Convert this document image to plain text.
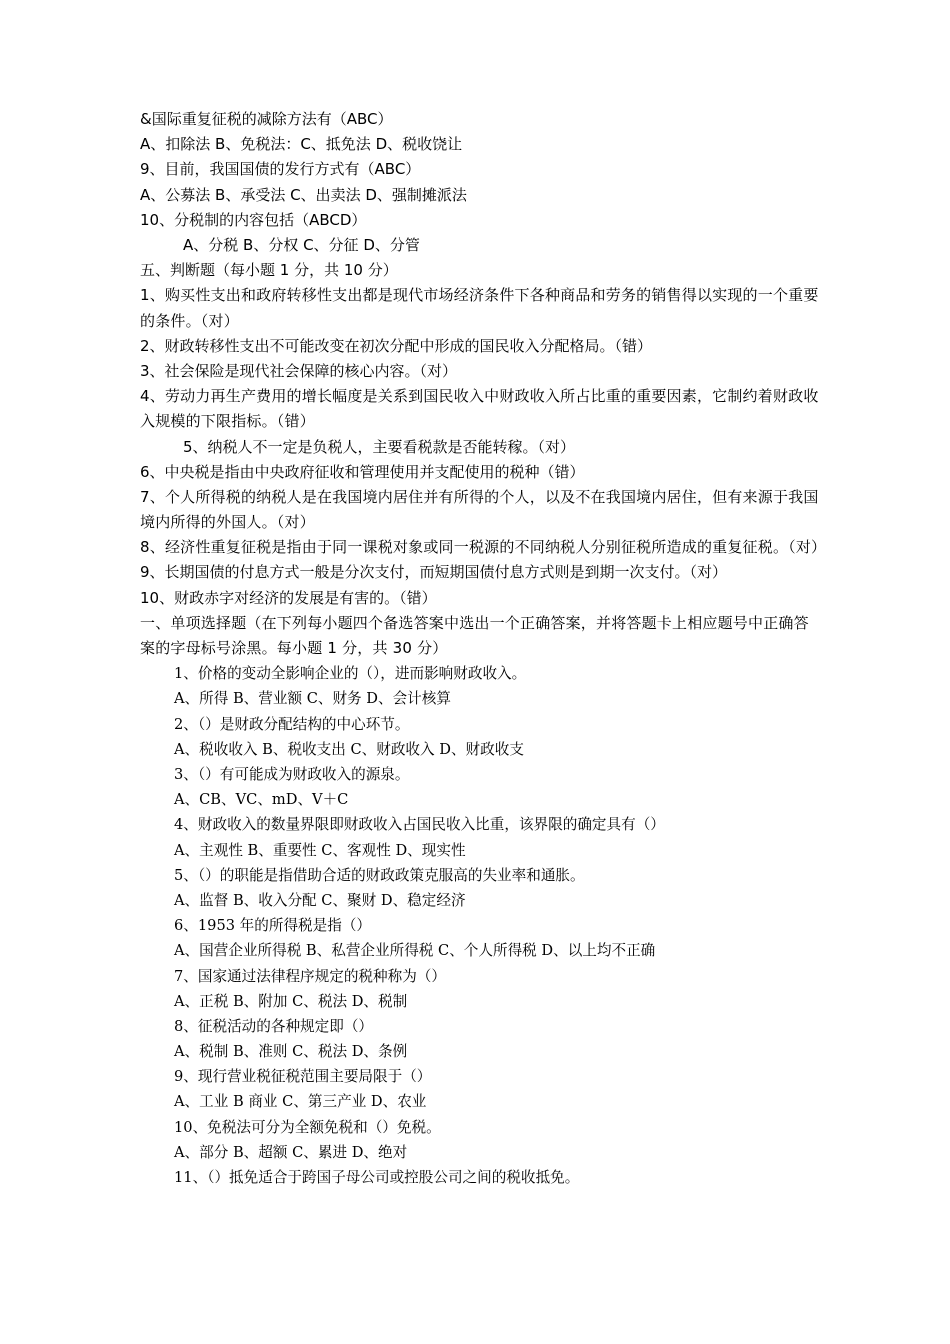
&国际重复征税的减除方法有（ABC）
A、扣除法 B、免税法：C、抵免法 D、税收饶让
9、目前，我国国债的发行方式有（ABC）
A、公募法 B、承受法 C、出卖法 D、强制摊派法
10、分税制的内容包括（ABCD）
A、分税 B、分权 C、分征 D、分管
五、判断题（每小题 1 分，共 10 分）
1、购买性支出和政府转移性支出都是现代市场经济条件下各种商品和劳务的销售得以实现的一个重要的条件。（对）
2、财政转移性支出不可能改变在初次分配中形成的国民收入分配格局。（错）
3、社会保险是现代社会保障的核心内容。（对）
4、劳动力再生产费用的增长幅度是关系到国民收入中财政收入所占比重的重要因素，它制约着财政收入规模的下限指标。（错）
5、纳税人不一定是负税人，主要看税款是否能转稼。（对）
6、中央税是指由中央政府征收和管理使用并支配使用的税种（错）
7、个人所得税的纳税人是在我国境内居住并有所得的个人，以及不在我国境内居住，但有来源于我国境内所得的外国人。（对）
8、经济性重复征税是指由于同一课税对象或同一税源的不同纳税人分别征税所造成的重复征税。（对）
9、长期国债的付息方式一般是分次支付，而短期国债付息方式则是到期一次支付。（对）
10、财政赤字对经济的发展是有害的。（错）
一、单项选择题（在下列每小题四个备选答案中选出一个正确答案，并将答题卡上相应题号中正确答案的字母标号涂黑。每小题 1 分，共 30 分）
1、价格的变动全影响企业的（），进而影响财政收入。
A、所得 B、营业额 C、财务 D、会计核算
2、（）是财政分配结构的中心环节。
A、税收收入 B、税收支出 C、财政收入 D、财政收支
3、（）有可能成为财政收入的源泉。
A、CB、VC、mD、V＋C
4、财政收入的数量界限即财政收入占国民收入比重，该界限的确定具有（）
A、主观性 B、重要性 C、客观性 D、现实性
5、（）的职能是指借助合适的财政政策克服高的失业率和通胀。
A、监督 B、收入分配 C、聚财 D、稳定经济
6、1953 年的所得税是指（）
A、国营企业所得税 B、私营企业所得税 C、个人所得税 D、以上均不正确
7、国家通过法律程序规定的税种称为（）
A、正税 B、附加 C、税法 D、税制
8、征税活动的各种规定即（）
A、税制 B、准则 C、税法 D、条例
9、现行营业税征税范围主要局限于（）
A、工业 B 商业 C、第三产业 D、农业
10、免税法可分为全额免税和（）免税。
A、部分 B、超额 C、累进 D、绝对
11、（）抵免适合于跨国子母公司或控股公司之间的税收抵免。
